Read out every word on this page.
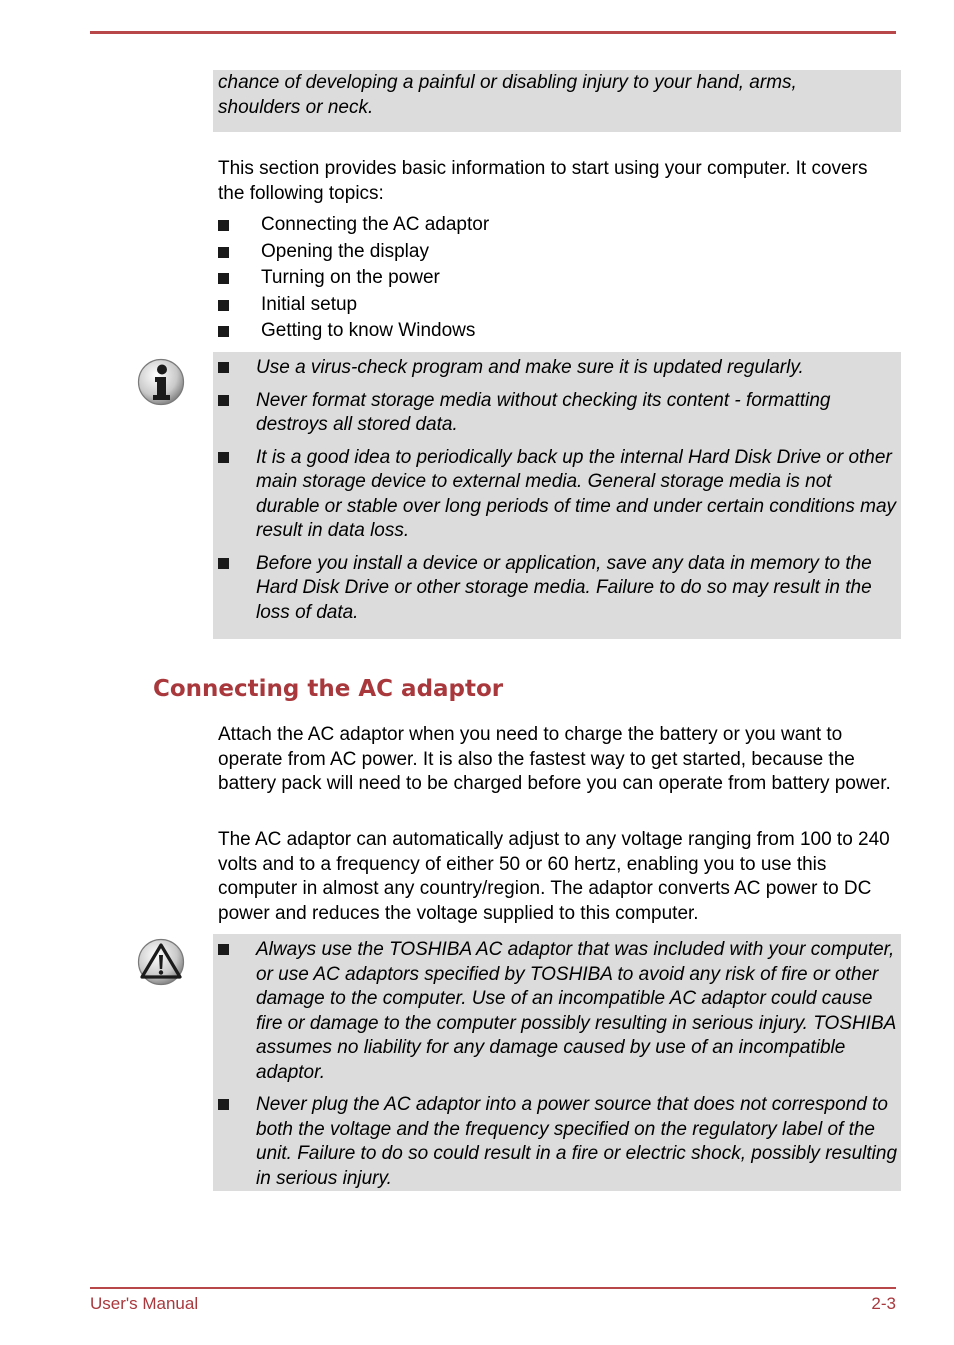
chance of developing a painful or disabling injury to your hand, arms,
shoulders or neck.

This section provides basic information to start using your computer. It covers the following topics:

Connecting the AC adaptor
Opening the display
Turning on the power
Initial setup
Getting to know Windows
Use a virus-check program and make sure it is updated regularly.
Never format storage media without checking its content - formatting destroys all stored data.
It is a good idea to periodically back up the internal Hard Disk Drive or other main storage device to external media. General storage media is not durable or stable over long periods of time and under certain conditions may result in data loss.
Before you install a device or application, save any data in memory to the Hard Disk Drive or other storage media. Failure to do so may result in the loss of data.
Connecting the AC adaptor

Attach the AC adaptor when you need to charge the battery or you want to operate from AC power. It is also the fastest way to get started, because the battery pack will need to be charged before you can operate from battery power.

The AC adaptor can automatically adjust to any voltage ranging from 100 to 240 volts and to a frequency of either 50 or 60 hertz, enabling you to use this computer in almost any country/region. The adaptor converts AC power to DC power and reduces the voltage supplied to this computer.

Always use the TOSHIBA AC adaptor that was included with your computer, or use AC adaptors specified by TOSHIBA to avoid any risk of fire or other damage to the computer. Use of an incompatible AC adaptor could cause fire or damage to the computer possibly resulting in serious injury. TOSHIBA assumes no liability for any damage caused by use of an incompatible adaptor.
Never plug the AC adaptor into a power source that does not correspond to both the voltage and the frequency specified on the regulatory label of the unit. Failure to do so could result in a fire or electric shock, possibly resulting in serious injury.
User's Manual	2-3
